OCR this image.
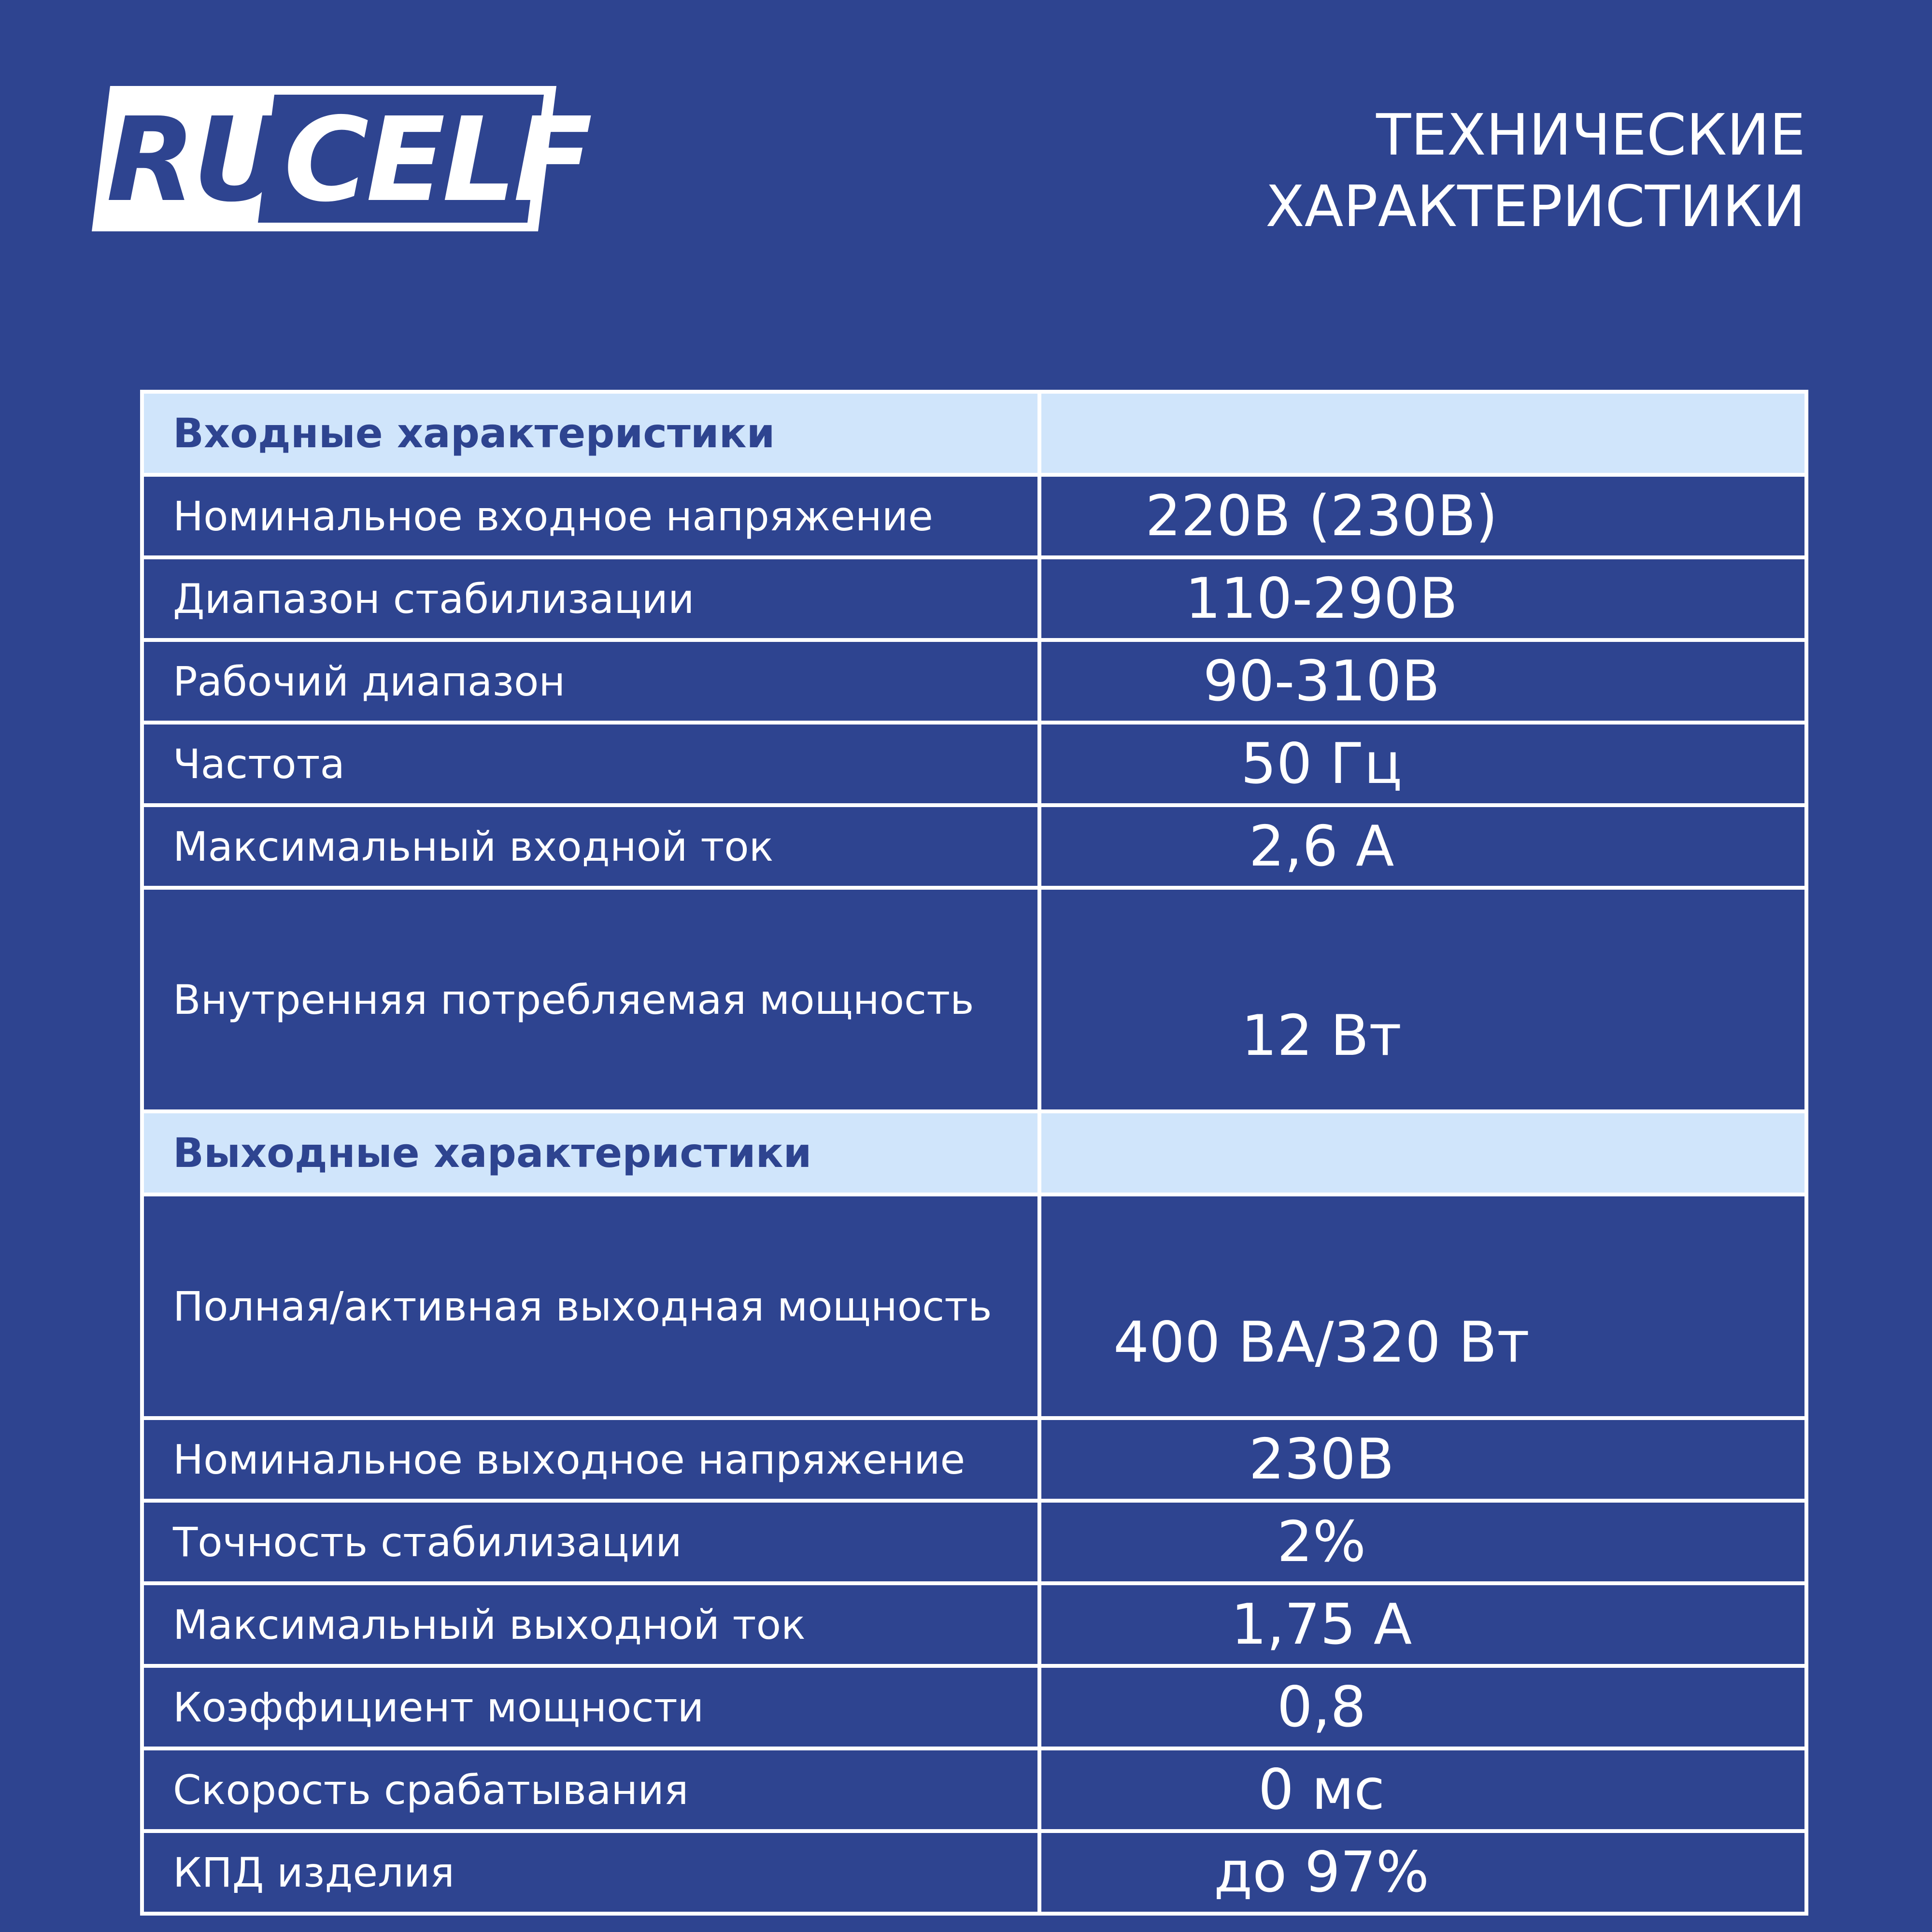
RUCELF	ТЕХНИЧЕСКИЕ
ХАРАКТЕРИСТИКИ
Входные характеристики	
Номинальное входное напряжение	220В (230В)
Диапазон стабилизации	110-290В
Рабочий диапазон	90-310В
Частота	50 Гц
Максимальный входной ток	2,6 А
Внутренняя потребляемая мощность	12 Вт
Выходные характеристики	
Полная/активная выходная мощность	400 ВА/320 Вт
Номинальное выходное напряжение	230В
Точность стабилизации	2%
Максимальный выходной ток	1,75 А
Коэффициент мощности	0,8
Скорость срабатывания	0 мс
КПД изделия	до 97%
